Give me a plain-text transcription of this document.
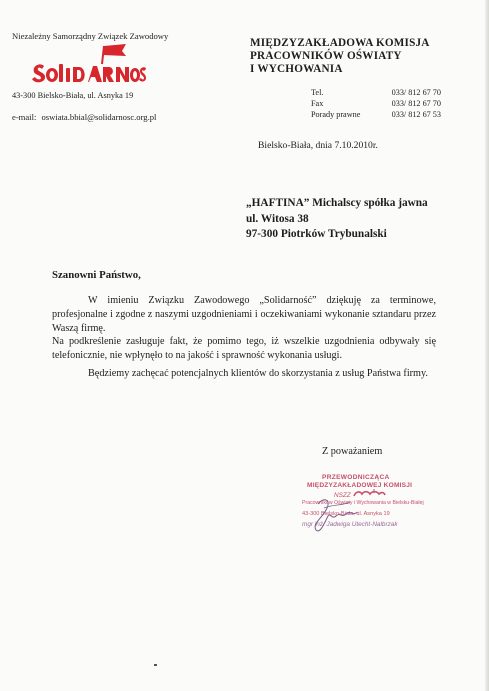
Niezależny Samorządny Związek Zawodowy
43-300 Bielsko-Biała, ul. Asnyka 19
e-mail: oswiata.bbial@solidarnosc.org.pl
MIĘDZYZAKŁADOWA KOMISJA
PRACOWNIKÓW OŚWIATY
I WYCHOWANIA
Tel.	033/ 812 67 70
Fax	033/ 812 67 70
Porady prawne	033/ 812 67 53
Bielsko-Biała, dnia 7.10.2010r.
„HAFTINA” Michalscy spółka jawna
ul. Witosa 38
97-300 Piotrków Trybunalski
Szanowni Państwo,

W imieniu Związku Zawodowego „Solidarność” dziękuję za terminowe, profesjonalne i zgodne z naszymi uzgodnieniami i oczekiwaniami wykonanie sztandaru przez Waszą firmę.

Na podkreślenie zasługuje fakt, że pomimo tego, iż wszelkie uzgodnienia odbywały się telefonicznie, nie wpłynęło to na jakość i sprawność wykonania usługi.

Będziemy zachęcać potencjalnych klientów do skorzystania z usług Państwa firmy.

Z poważaniem
PRZEWODNICZĄCA
MIĘDZYZAKŁADOWEJ KOMISJI
NSZZ
Pracowników Oświaty i Wychowania w Bielsku-Białej
43-300 Bielsko-Biała, ul. Asnyka 19
mgr inż. Jadwiga Utecht-Nalbrzak
